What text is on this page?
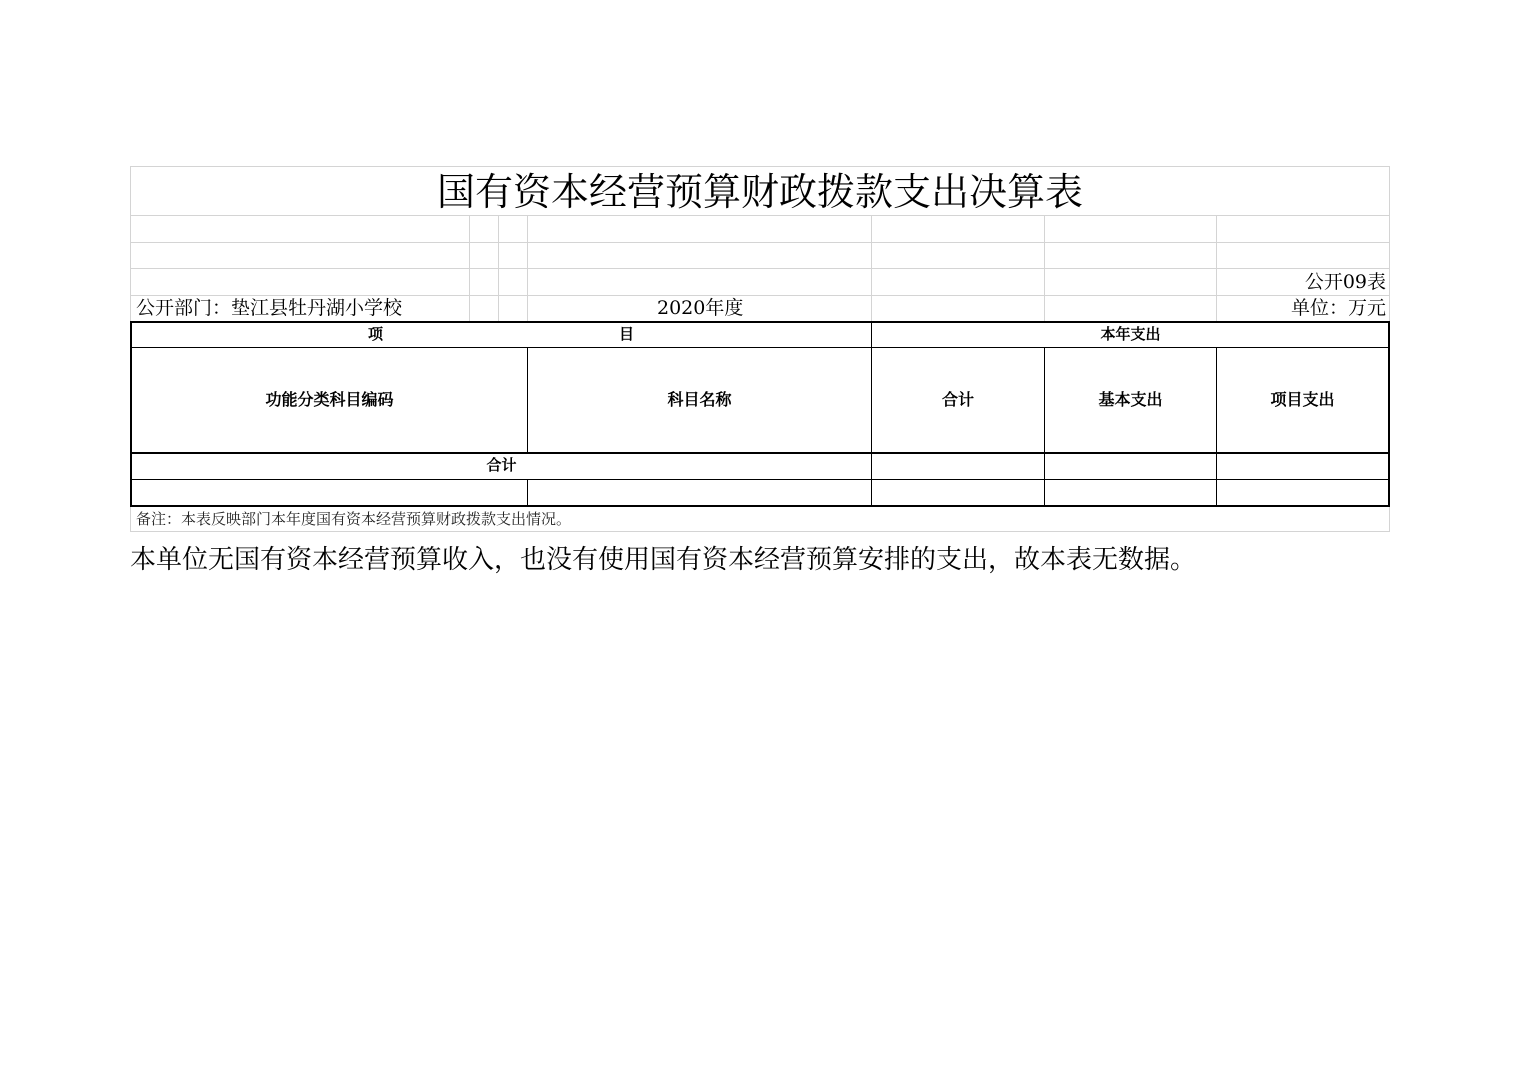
国有资本经营预算财政拨款支出决算表
公开09表
公开部门：垫江县牡丹湖小学校	2020年度	单位：万元
项	目	本年支出
功能分类科目编码	科目名称	合计	基本支出	项目支出
合计
备注：本表反映部门本年度国有资本经营预算财政拨款支出情况。
本单位无国有资本经营预算收入，也没有使用国有资本经营预算安排的支出，故本表无数据。
